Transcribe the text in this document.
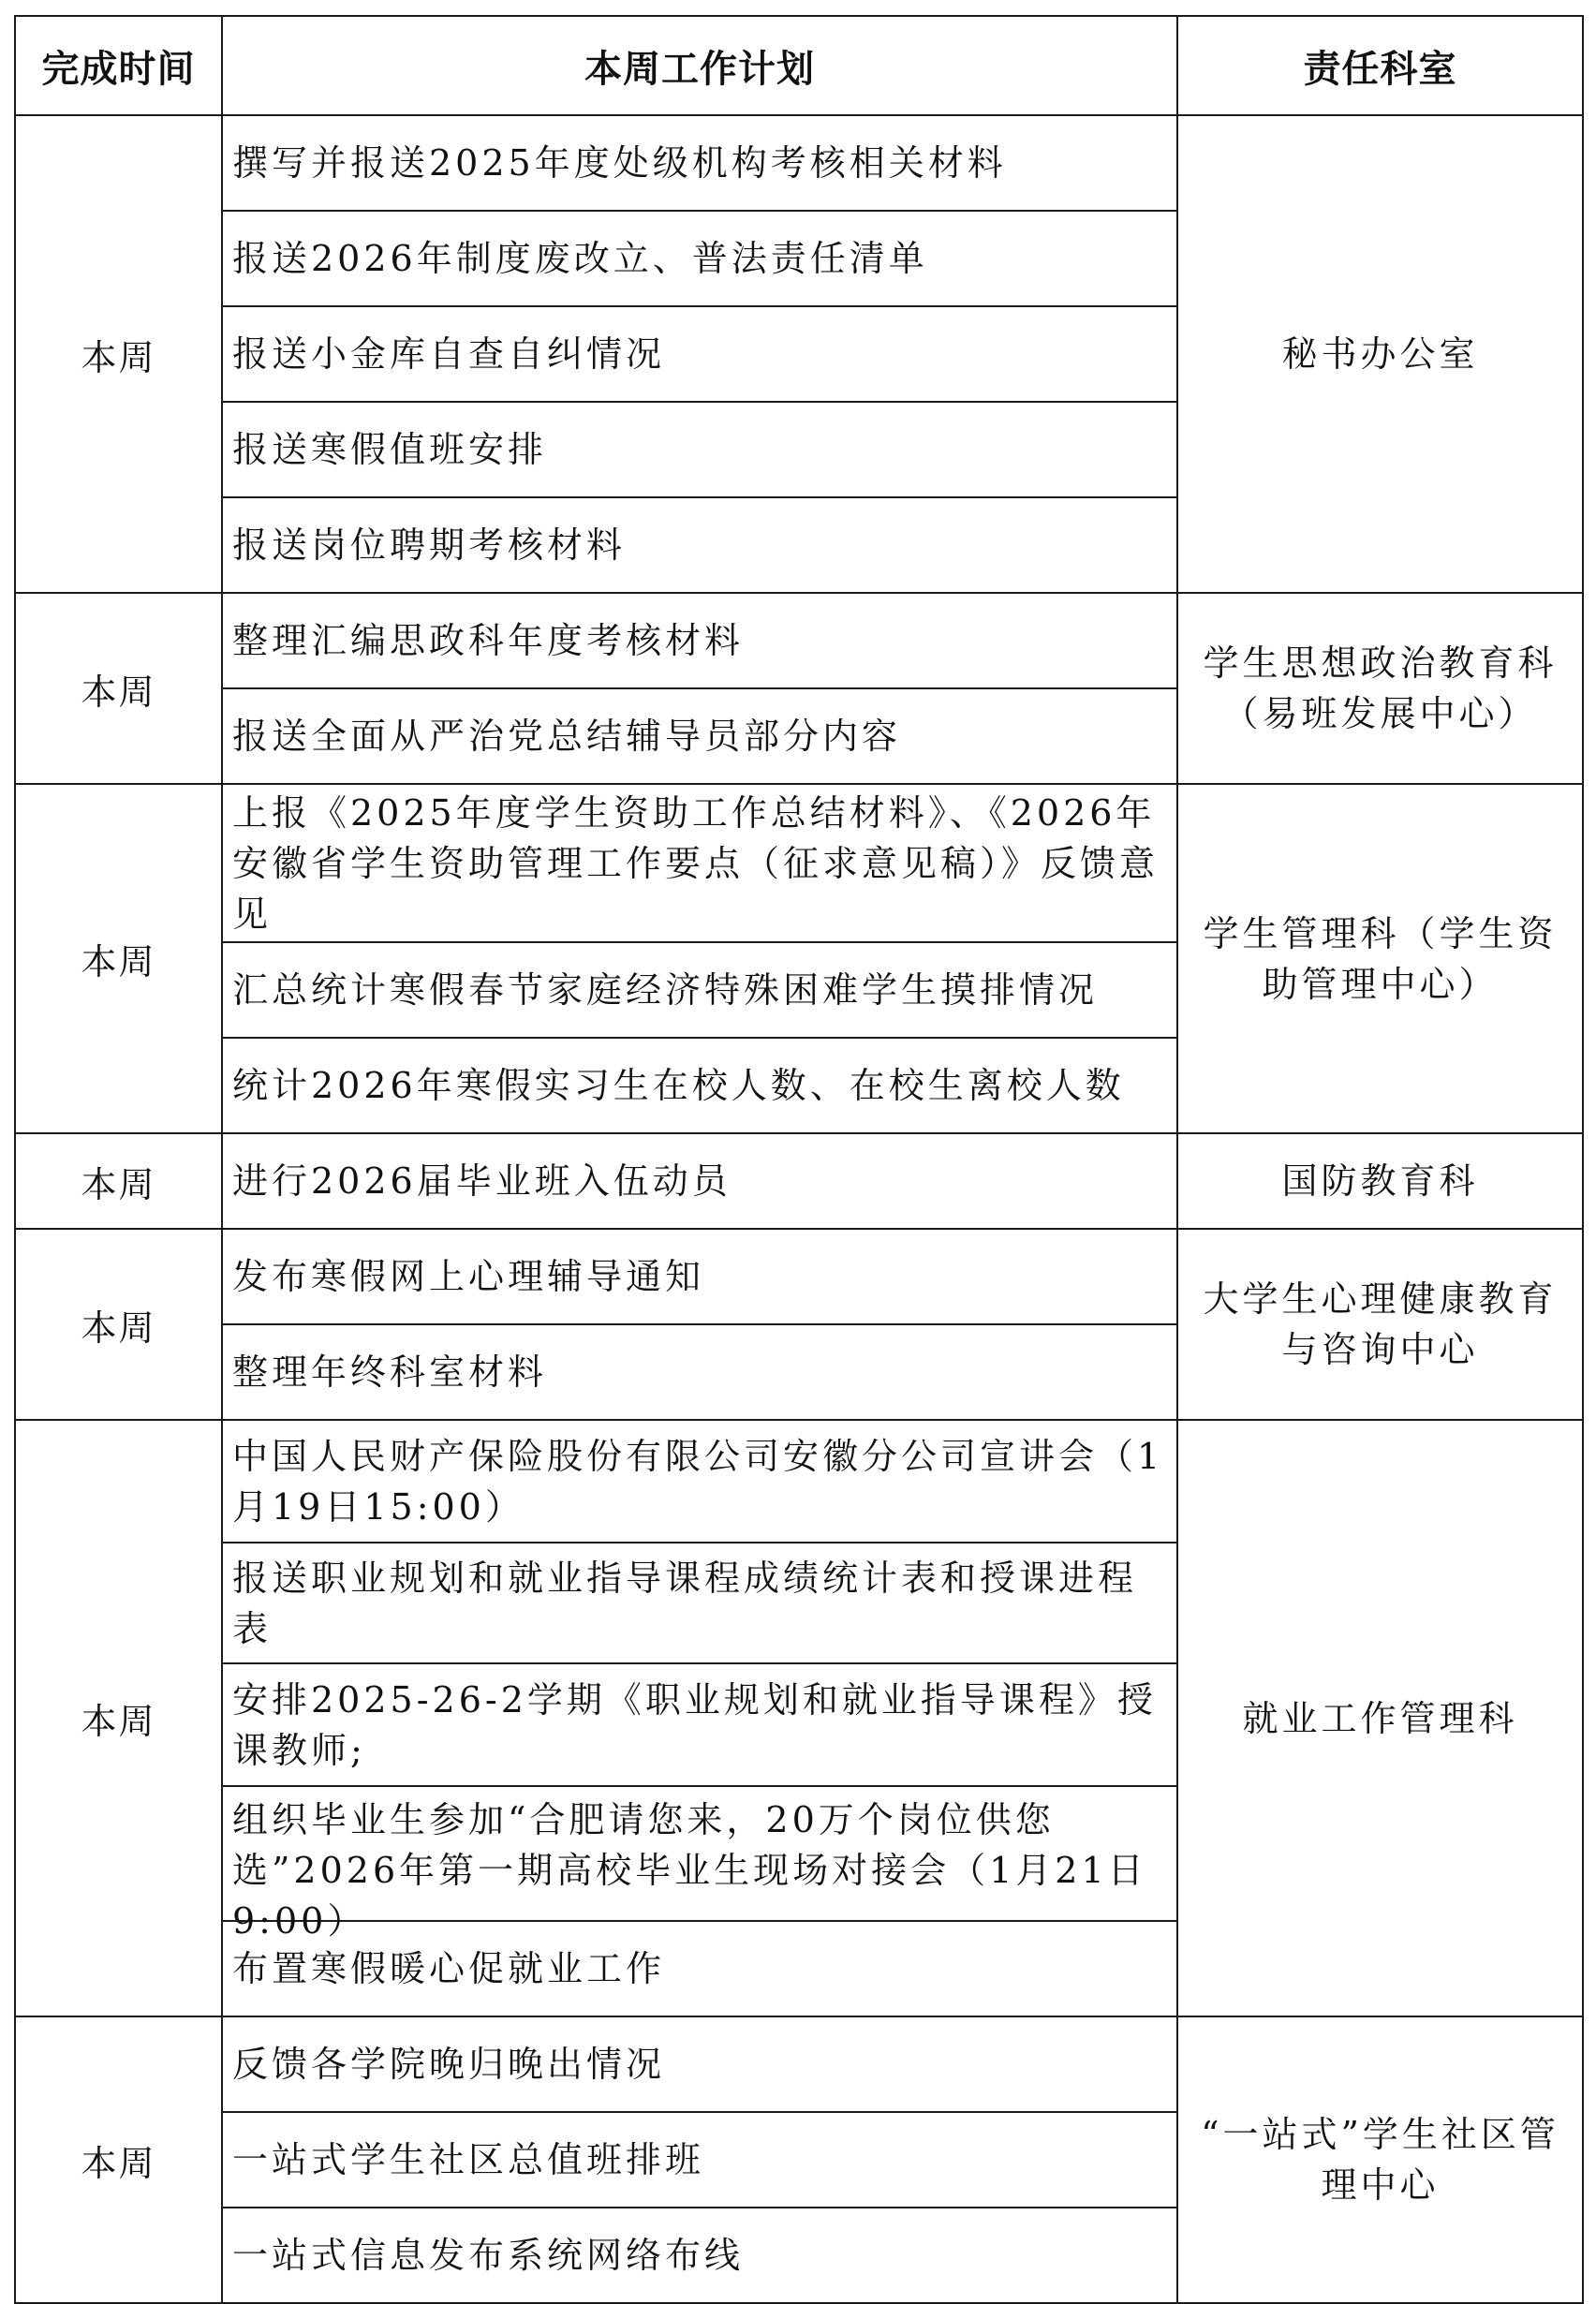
完成时间	本周工作计划	责任科室
本周	撰写并报送2025年度处级机构考核相关材料	秘书办公室
	报送2026年制度废改立、普法责任清单	
	报送小金库自查自纠情况	
	报送寒假值班安排	
	报送岗位聘期考核材料	
本周	整理汇编思政科年度考核材料	学生思想政治教育科（易班发展中心）
	报送全面从严治党总结辅导员部分内容	
本周	上报《2025年度学生资助工作总结材料》、《2026年安徽省学生资助管理工作要点（征求意见稿）》反馈意见	学生管理科（学生资助管理中心）
	汇总统计寒假春节家庭经济特殊困难学生摸排情况	
	统计2026年寒假实习生在校人数、在校生离校人数	
本周	进行2026届毕业班入伍动员	国防教育科
本周	发布寒假网上心理辅导通知	大学生心理健康教育与咨询中心
	整理年终科室材料	
本周	中国人民财产保险股份有限公司安徽分公司宣讲会（1月19日15:00）	就业工作管理科
	报送职业规划和就业指导课程成绩统计表和授课进程表	
	安排2025-26-2学期《职业规划和就业指导课程》授课教师;	

	组织毕业生参加“合肥请您来，20万个岗位供您选”2026年第一期高校毕业生现场对接会（1月21日9:00）	

	布置寒假暖心促就业工作	
本周	反馈各学院晚归晚出情况	“一站式”学生社区管理中心
	一站式学生社区总值班排班	
	一站式信息发布系统网络布线	
